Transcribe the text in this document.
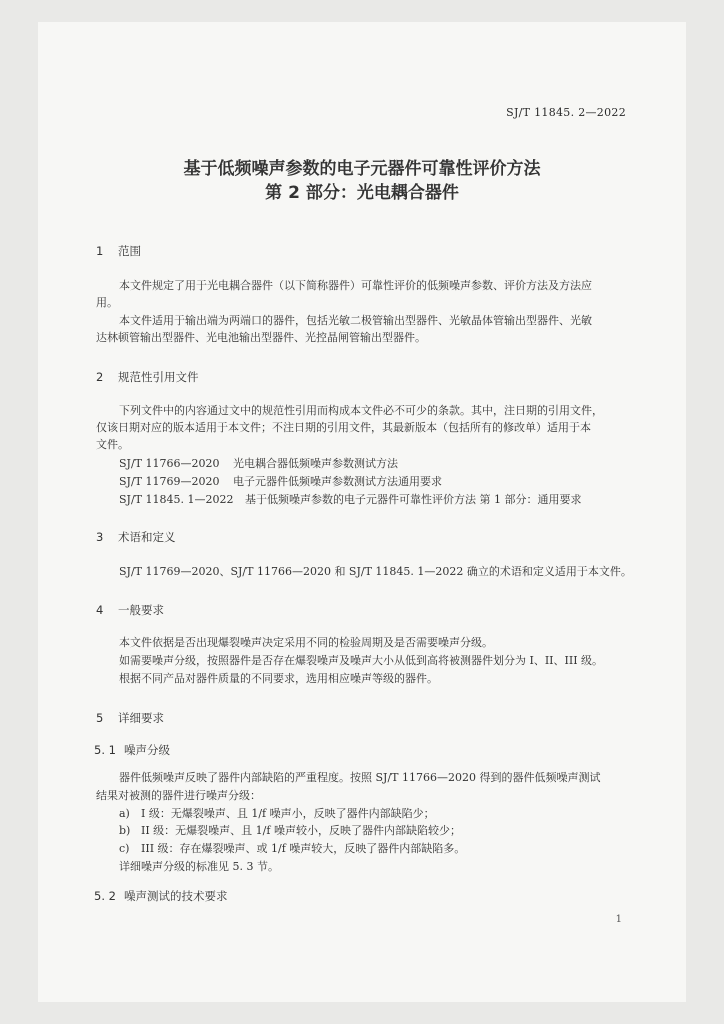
SJ/T 11845. 2—2022
基于低频噪声参数的电子元器件可靠性评价方法
第 2 部分：光电耦合器件
1 范围
本文件规定了用于光电耦合器件（以下简称器件）可靠性评价的低频噪声参数、评价方法及方法应
用。
本文件适用于输出端为两端口的器件，包括光敏二极管输出型器件、光敏晶体管输出型器件、光敏
达林顿管输出型器件、光电池输出型器件、光控晶闸管输出型器件。
2 规范性引用文件
下列文件中的内容通过文中的规范性引用而构成本文件必不可少的条款。其中，注日期的引用文件，
仅该日期对应的版本适用于本文件；不注日期的引用文件，其最新版本（包括所有的修改单）适用于本
文件。
SJ/T 11766—2020 光电耦合器低频噪声参数测试方法
SJ/T 11769—2020 电子元器件低频噪声参数测试方法通用要求
SJ/T 11845. 1—2022 基于低频噪声参数的电子元器件可靠性评价方法 第 1 部分：通用要求
3 术语和定义
SJ/T 11769—2020、SJ/T 11766—2020 和 SJ/T 11845. 1—2022 确立的术语和定义适用于本文件。
4 一般要求
本文件依据是否出现爆裂噪声决定采用不同的检验周期及是否需要噪声分级。
如需要噪声分级，按照器件是否存在爆裂噪声及噪声大小从低到高将被测器件划分为 I、II、III 级。
根据不同产品对器件质量的不同要求，选用相应噪声等级的器件。
5 详细要求
5. 1 噪声分级
器件低频噪声反映了器件内部缺陷的严重程度。按照 SJ/T 11766—2020 得到的器件低频噪声测试
结果对被测的器件进行噪声分级：
a) I 级：无爆裂噪声、且 1/f 噪声小，反映了器件内部缺陷少；
b) II 级：无爆裂噪声、且 1/f 噪声较小，反映了器件内部缺陷较少；
c) III 级：存在爆裂噪声、或 1/f 噪声较大，反映了器件内部缺陷多。
详细噪声分级的标准见 5. 3 节。
5. 2 噪声测试的技术要求
1
